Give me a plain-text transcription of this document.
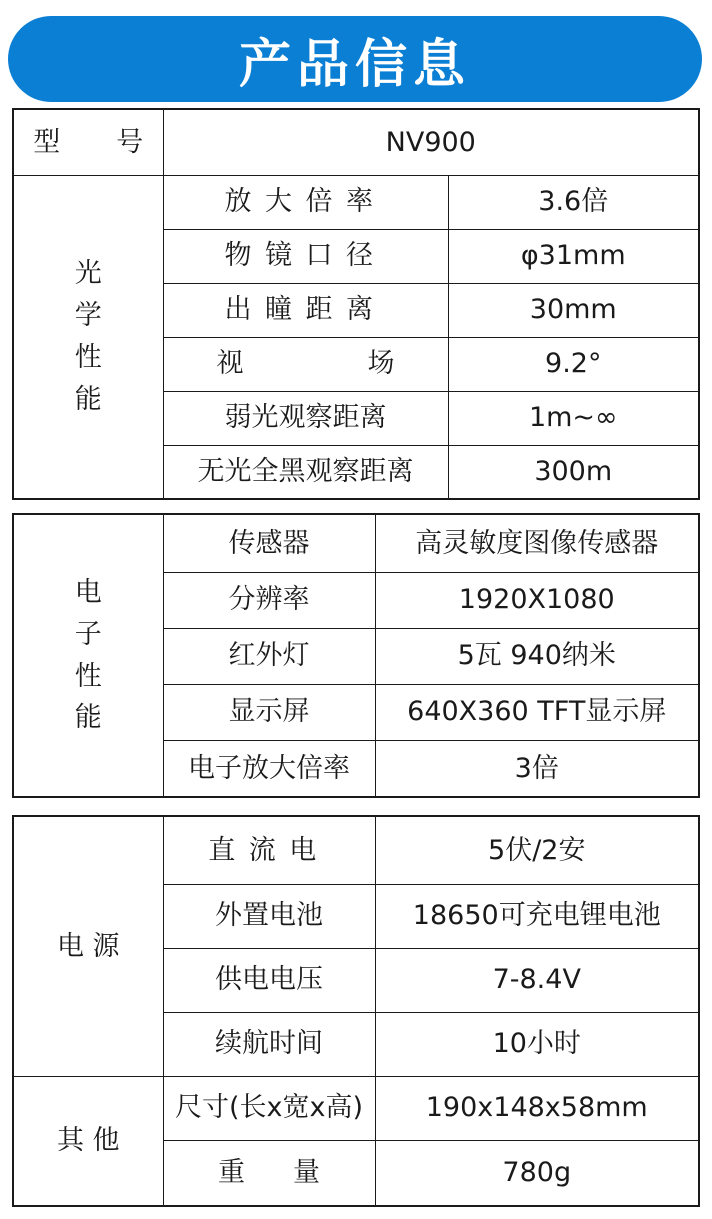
产品信息
型 号	NV900	
光学性能	放大倍率	3.6倍
	物镜口径	φ31mm
	出瞳距离	30mm
	视 场	9.2°
	弱光观察距离	1m~∞
	无光全黑观察距离	300m
电子性能	传感器	高灵敏度图像传感器
	分辨率	1920X1080
	红外灯	5瓦 940纳米
	显示屏	640X360 TFT显示屏
	电子放大倍率	3倍
电 源	直流电	5伏/2安
	外置电池	18650可充电锂电池
	供电电压	7-8.4V
	续航时间	10小时
其 他	尺寸(长x宽x高)	190x148x58mm
	重 量	780g
